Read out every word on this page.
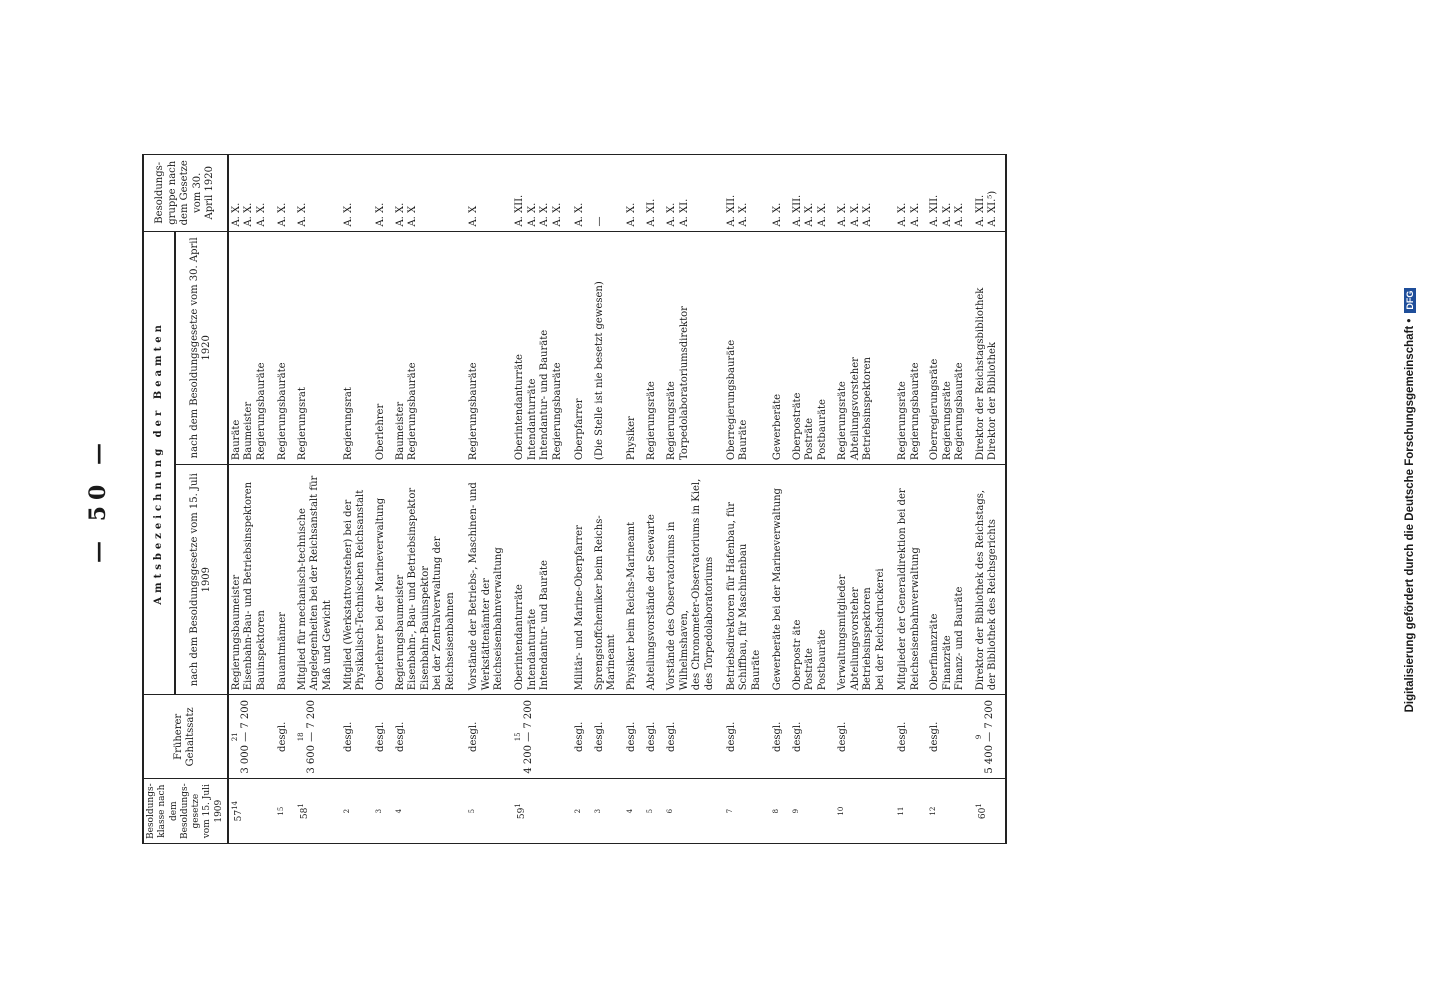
— 50 —	Digitalisierung gefördert durch die Deutsche Forschungsgemeinschaft •
DFG
Besoldungs- klasse nach dem Besoldungs- gesetze vom 15. Juli 1909	Früherer Gehaltssatz	Amtsbezeichnung der Beamten		Besoldungs- gruppe nach dem Gesetze vom 30. April 1920
		nach dem Besoldungsgesetze vom 15. Juli 1909	nach dem Besoldungsgesetze vom 30. April 1920	
$57^{14}$	21 3 000 — 7 200	Regierungsbaumeister Eisenbahn-Bau- und Betriebsinspektoren Bauinspektoren	Bauräte Baumeister Regierungsbauräte	A. X. A. X. A. X.

$^{15}$	desgl.	Bauamtmänner	Regierungsbauräte	A. X.

$58^1$	18 3 600 — 7 200	Mitglied für mechanisch-technische Angelegenheiten bei der Reichsanstalt für Maß und Gewicht	Regierungsrat	A. X.

$^2$	desgl.	Mitglied (Werkstattvorsteher) bei der Physikalisch-Technischen Reichsanstalt	Regierungsrat	A. X.

$^3$	desgl.	Oberlehrer bei der Marineverwaltung	Oberlehrer	A. X.

$^4$	desgl.	Regierungsbaumeister Eisenbahn-, Bau- und Betriebsinspektor Eisenbahn-Bauinspektor bei der Zentralverwaltung der Reichseisenbahnen	Baumeister Regierungsbauräte	A. X. A. X

$^5$	desgl.	Vorstände der Betriebs-, Maschinen- und Werkstättenämter der Reichseisenbahnverwaltung	Regierungsbauräte	A. X

$59^1$	15 4 200 — 7 200	Oberintendanturräte Intendanturräte Intendantur- und Bauräte	Oberintendanturräte Intendanturräte Intendantur- und Bauräte Regierungsbauräte	A. XII. A. X. A. X. A. X.

$^2$	desgl.	Militär- und Marine-Oberpfarrer	Oberpfarrer	A. X.

$^3$	desgl.	Sprengstoffchemiker beim Reichs-Marineamt	(Die Stelle ist nie besetzt gewesen)	—

$^4$	desgl.	Physiker beim Reichs-Marineamt	Physiker	A. X.

$^5$	desgl.	Abteilungsvorstände der Seewarte	Regierungsräte	A. XI.

$^6$	desgl.	Vorstände des Observatoriums in Wilhelmshaven, des Chronometer-Observatoriums in Kiel, des Torpedolaboratoriums	Regierungsräte Torpedolaboratoriumsdirektor	A. X. A. XI.

$^7$	desgl.	Betriebsdirektoren für Hafenbau, für Schiffbau, für Maschinenbau Bauräte	Oberregierungsbauräte Bauräte	A. XII. A. X.

$^8$	desgl.	Gewerberäte bei der Marineverwaltung	Gewerberäte	A. X.

$^9$	desgl.	Oberpostr äte Posträte Postbauräte	Oberposträte Posträte Postbauräte	A. XII. A. X. A. X.

$^{10}$	desgl.	Verwaltungsmitglieder Abteilungsvorsteher Betriebsinspektoren bei der Reichsdruckerei	Regierungsräte Abteilungsvorsteher Betriebsinspektoren	A. X. A. X. A. X.

$^{11}$	desgl.	Mitglieder der Generaldirektion bei der Reichseisenbahnverwaltung	Regierungsräte Regierungsbauräte	A. X. A. X.

$^{12}$	desgl.	Oberfinanzräte Finanzräte Finanz- und Bauräte	Oberregierungsräte Regierungsräte Regierungsbauräte	A. XII. A. X. A. X.

$60^1$	9 5 400 — 7 200	Direktor der Bibliothek des Reichstags, der Bibliothek des Reichsgerichts	Direktor der Reichstagsbibliothek Direktor der Bibliothek	A. XII. A. XI.⁵)
